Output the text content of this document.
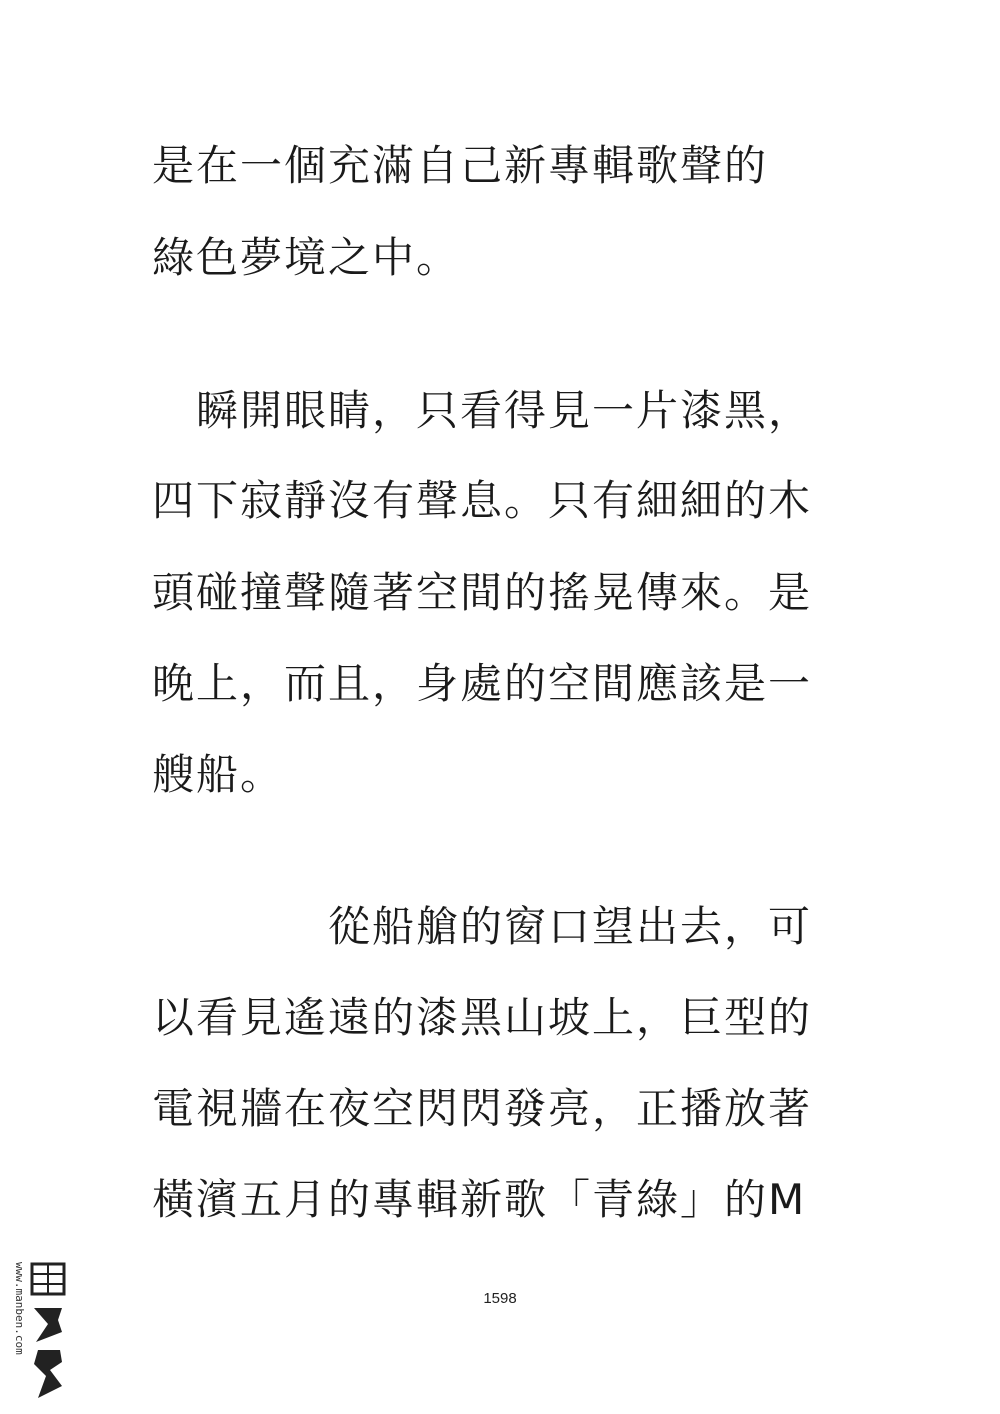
是在一個充滿自己新專輯歌聲的
綠色夢境之中。
　瞬開眼睛，只看得見一片漆黑，
四下寂靜沒有聲息。只有細細的木
頭碰撞聲隨著空間的搖晃傳來。是
晚上，而且，身處的空間應該是一
艘船。
　　　　從船艙的窗口望出去，可
以看見遙遠的漆黑山坡上，巨型的
電視牆在夜空閃閃發亮，正播放著
橫濱五月的專輯新歌「青綠」的M
1598
www.manben.com
